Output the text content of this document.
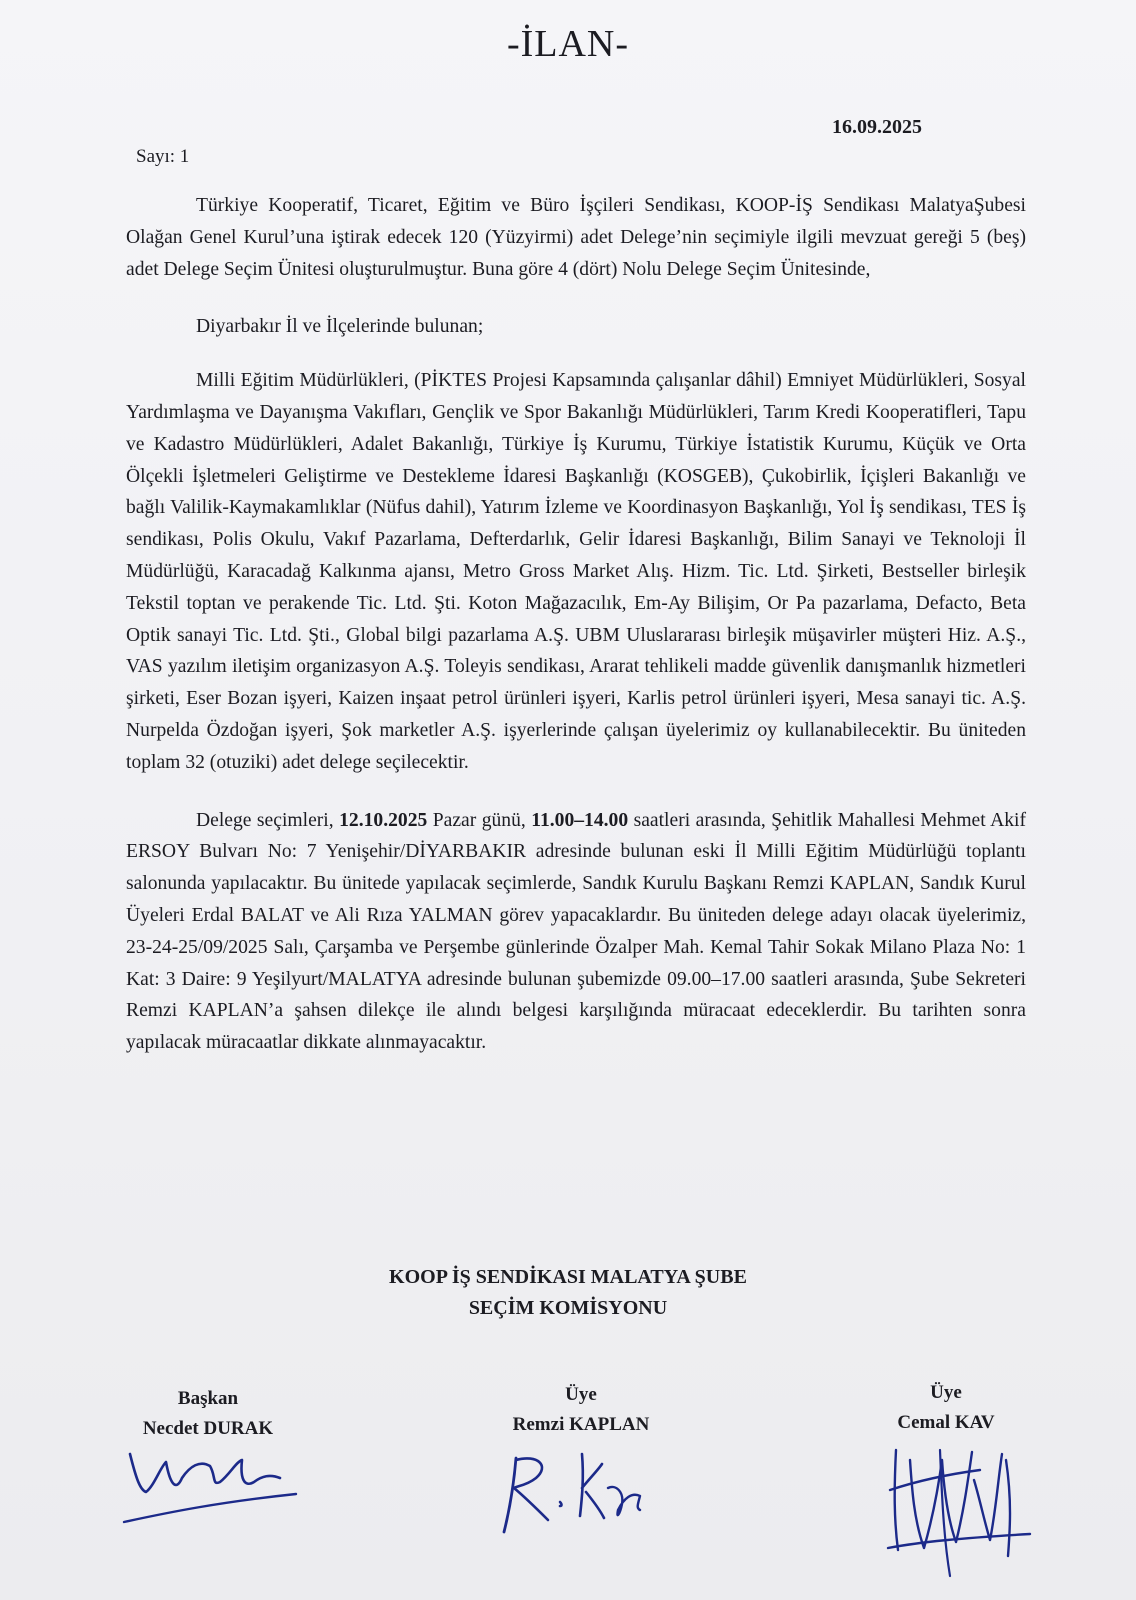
-İLAN-
16.09.2025
Sayı: 1

Türkiye Kooperatif, Ticaret, Eğitim ve Büro İşçileri Sendikası, KOOP-İŞ Sendikası MalatyaŞubesi Olağan Genel Kurul’una iştirak edecek 120 (Yüzyirmi) adet Delege’nin seçimiyle ilgili mevzuat gereği 5 (beş) adet Delege Seçim Ünitesi oluşturulmuştur. Buna göre 4 (dört) Nolu Delege Seçim Ünitesinde,

Diyarbakır İl ve İlçelerinde bulunan;

Milli Eğitim Müdürlükleri, (PİKTES Projesi Kapsamında çalışanlar dâhil) Emniyet Müdürlükleri, Sosyal Yardımlaşma ve Dayanışma Vakıfları, Gençlik ve Spor Bakanlığı Müdürlükleri, Tarım Kredi Kooperatifleri, Tapu ve Kadastro Müdürlükleri, Adalet Bakanlığı, Türkiye İş Kurumu, Türkiye İstatistik Kurumu, Küçük ve Orta Ölçekli İşletmeleri Geliştirme ve Destekleme İdaresi Başkanlığı (KOSGEB), Çukobirlik, İçişleri Bakanlığı ve bağlı Valilik-Kaymakamlıklar (Nüfus dahil), Yatırım İzleme ve Koordinasyon Başkanlığı, Yol İş sendikası, TES İş sendikası, Polis Okulu, Vakıf Pazarlama, Defterdarlık, Gelir İdaresi Başkanlığı, Bilim Sanayi ve Teknoloji İl Müdürlüğü, Karacadağ Kalkınma ajansı, Metro Gross Market Alış. Hizm. Tic. Ltd. Şirketi, Bestseller birleşik Tekstil toptan ve perakende Tic. Ltd. Şti. Koton Mağazacılık, Em-Ay Bilişim, Or Pa pazarlama, Defacto, Beta Optik sanayi Tic. Ltd. Şti., Global bilgi pazarlama A.Ş. UBM Uluslararası birleşik müşavirler müşteri Hiz. A.Ş., VAS yazılım iletişim organizasyon A.Ş. Toleyis sendikası, Ararat tehlikeli madde güvenlik danışmanlık hizmetleri şirketi, Eser Bozan işyeri, Kaizen inşaat petrol ürünleri işyeri, Karlis petrol ürünleri işyeri, Mesa sanayi tic. A.Ş. Nurpelda Özdoğan işyeri, Şok marketler A.Ş. işyerlerinde çalışan üyelerimiz oy kullanabilecektir. Bu üniteden toplam 32 (otuziki) adet delege seçilecektir.

Delege seçimleri, 12.10.2025 Pazar günü, 11.00–14.00 saatleri arasında, Şehitlik Mahallesi Mehmet Akif ERSOY Bulvarı No: 7 Yenişehir/DİYARBAKIR adresinde bulunan eski İl Milli Eğitim Müdürlüğü toplantı salonunda yapılacaktır. Bu ünitede yapılacak seçimlerde, Sandık Kurulu Başkanı Remzi KAPLAN, Sandık Kurul Üyeleri Erdal BALAT ve Ali Rıza YALMAN görev yapacaklardır. Bu üniteden delege adayı olacak üyelerimiz, 23-24-25/09/2025 Salı, Çarşamba ve Perşembe günlerinde Özalper Mah. Kemal Tahir Sokak Milano Plaza No: 1 Kat: 3 Daire: 9 Yeşilyurt/MALATYA adresinde bulunan şubemizde 09.00–17.00 saatleri arasında, Şube Sekreteri Remzi KAPLAN’a şahsen dilekçe ile alındı belgesi karşılığında müracaat edeceklerdir. Bu tarihten sonra yapılacak müracaatlar dikkate alınmayacaktır.

KOOP İŞ SENDİKASI MALATYA ŞUBE
SEÇİM KOMİSYONU
Başkan
Necdet DURAK
Üye
Remzi KAPLAN
Üye
Cemal KAV
